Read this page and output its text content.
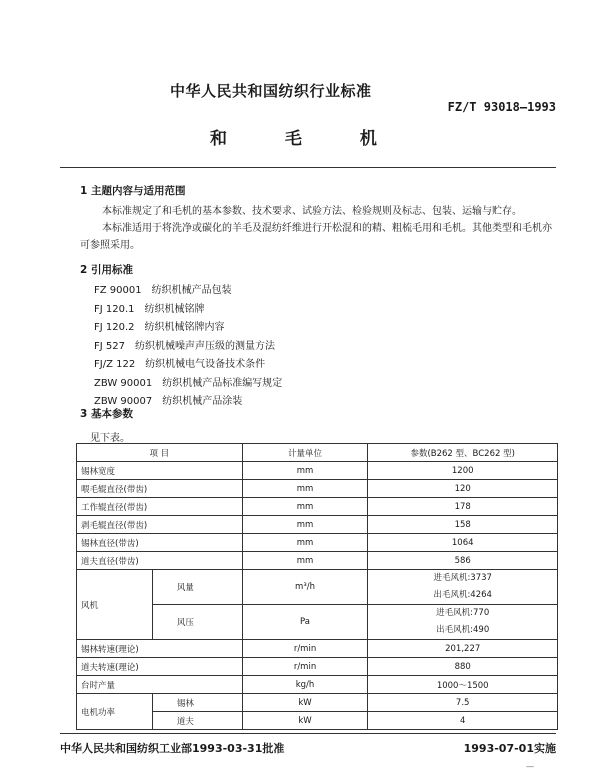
中华人民共和国纺织行业标准
FZ/T 93018—1993
和 毛 机
1 主题内容与适用范围

本标准规定了和毛机的基本参数、技术要求、试验方法、检验规则及标志、包装、运输与贮存。

本标准适用于将洗净或碳化的羊毛及混纺纤维进行开松混和的精、粗梳毛用和毛机。其他类型和毛机亦可参照采用。

2 引用标准
FZ 90001 纺织机械产品包装
FJ 120.1 纺织机械铭牌
FJ 120.2 纺织机械铭牌内容
FJ 527 纺织机械噪声声压级的测量方法
FJ/Z 122 纺织机械电气设备技术条件
ZBW 90001 纺织机械产品标准编写规定
ZBW 90007 纺织机械产品涂装
3 基本参数
见下表。
项 目		计量单位	参数(B262 型、BC262 型)
锡林宽度		mm	1200
喂毛辊直径(带齿)		mm	120
工作辊直径(带齿)		mm	178
剥毛辊直径(带齿)		mm	158
锡林直径(带齿)		mm	1064
道夫直径(带齿)		mm	586
风机	风量	m³/h	进毛风机:3737
出毛风机:4264

	风压	Pa	进毛风机:770
出毛风机:490

锡林转速(理论)		r/min	201,227
道夫转速(理论)		r/min	880
台时产量		kg/h	1000～1500
电机功率	锡林	kW	7.5
	道夫	kW	4
中华人民共和国纺织工业部1993-03-31批准	1993-07-01实施
—
